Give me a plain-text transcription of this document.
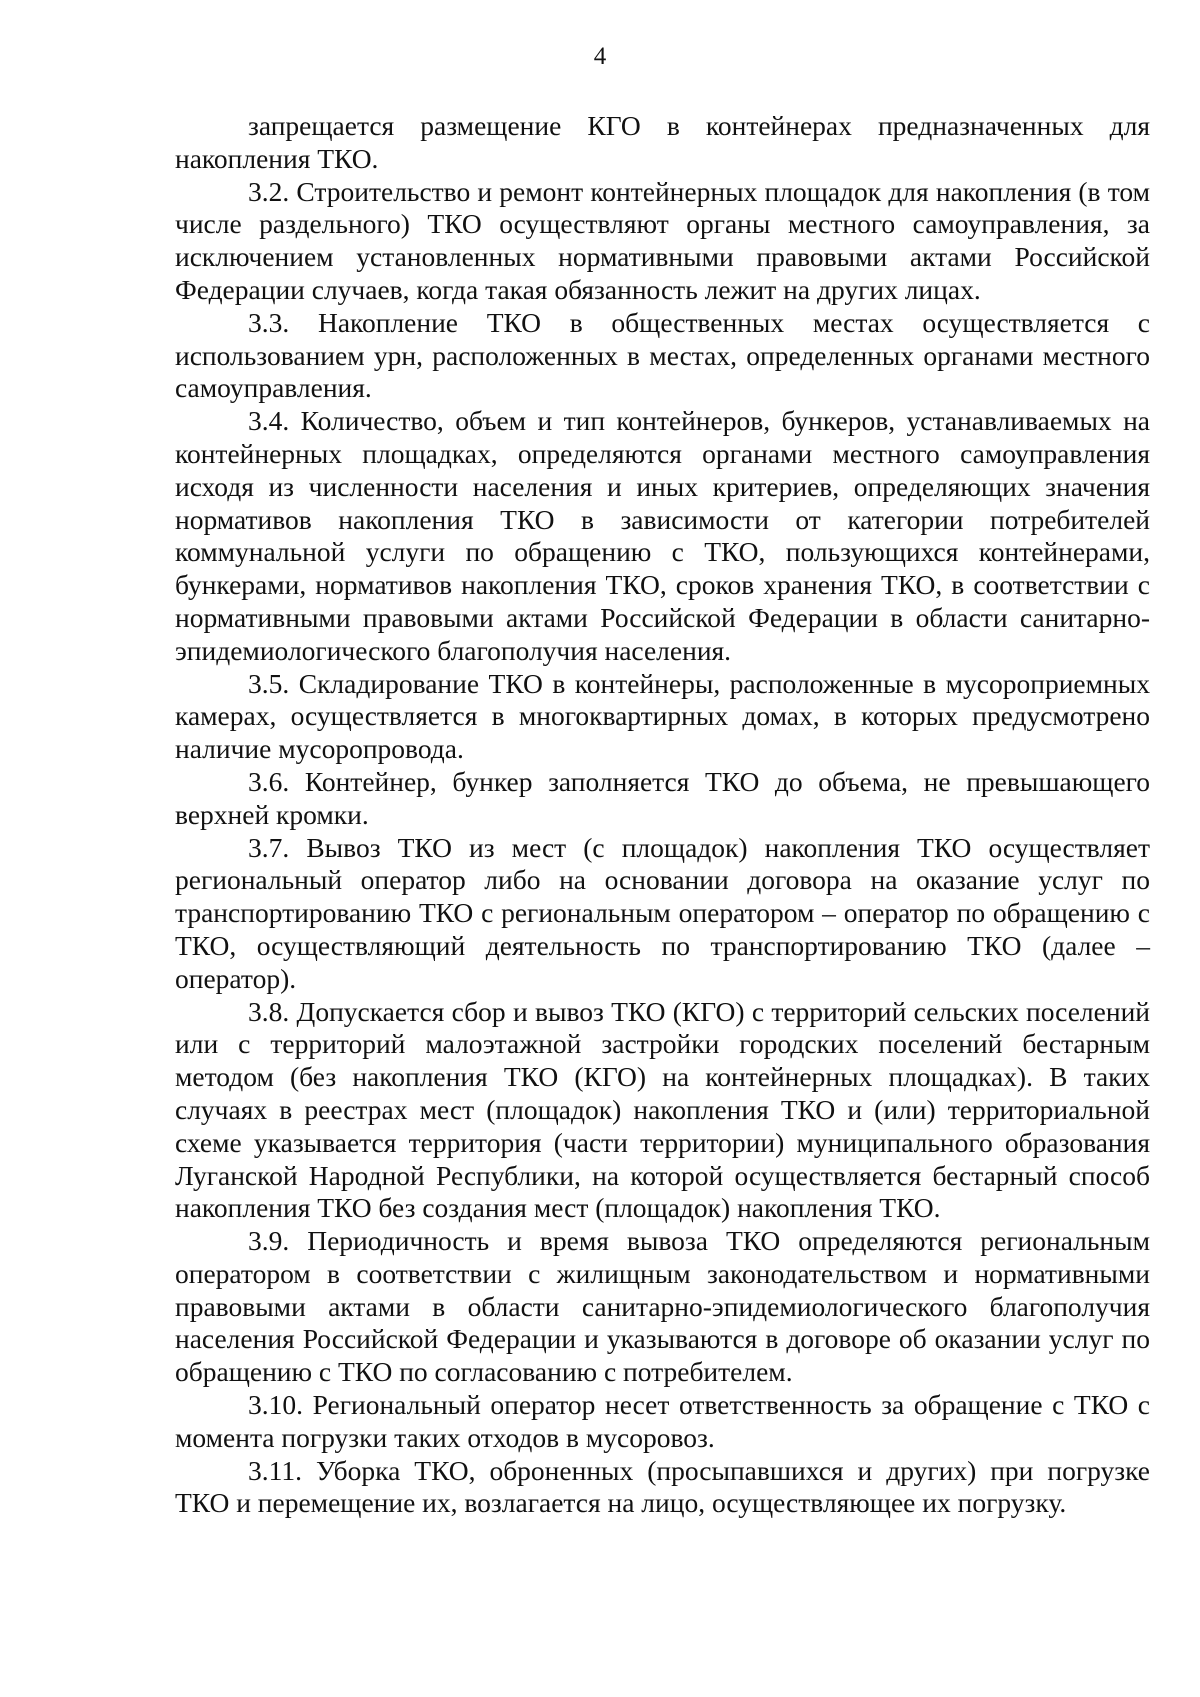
4

запрещается размещение КГО в контейнерах предназначенных для накопления ТКО.

3.2. Строительство и ремонт контейнерных площадок для накопления (в том числе раздельного) ТКО осуществляют органы местного самоуправления, за исключением установленных нормативными правовыми актами Российской Федерации случаев, когда такая обязанность лежит на других лицах.

3.3. Накопление ТКО в общественных местах осуществляется с использованием урн, расположенных в местах, определенных органами местного самоуправления.

3.4. Количество, объем и тип контейнеров, бункеров, устанавливаемых на контейнерных площадках, определяются органами местного самоуправления исходя из численности населения и иных критериев, определяющих значения нормативов накопления ТКО в зависимости от категории потребителей коммунальной услуги по обращению с ТКО, пользующихся контейнерами, бункерами, нормативов накопления ТКО, сроков хранения ТКО, в соответствии с нормативными правовыми актами Российской Федерации в области санитарно-эпидемиологического благополучия населения.

3.5. Складирование ТКО в контейнеры, расположенные в мусороприемных камерах, осуществляется в многоквартирных домах, в которых предусмотрено наличие мусоропровода.

3.6. Контейнер, бункер заполняется ТКО до объема, не превышающего верхней кромки.

3.7. Вывоз ТКО из мест (с площадок) накопления ТКО осуществляет региональный оператор либо на основании договора на оказание услуг по транспортированию ТКО с региональным оператором – оператор по обращению с ТКО, осуществляющий деятельность по транспортированию ТКО (далее – оператор).

3.8. Допускается сбор и вывоз ТКО (КГО) с территорий сельских поселений или с территорий малоэтажной застройки городских поселений бестарным методом (без накопления ТКО (КГО) на контейнерных площадках). В таких случаях в реестрах мест (площадок) накопления ТКО и (или) территориальной схеме указывается территория (части территории) муниципального образования Луганской Народной Республики, на которой осуществляется бестарный способ накопления ТКО без создания мест (площадок) накопления ТКО.

3.9. Периодичность и время вывоза ТКО определяются региональным оператором в соответствии с жилищным законодательством и нормативными правовыми актами в области санитарно-эпидемиологического благополучия населения Российской Федерации и указываются в договоре об оказании услуг по обращению с ТКО по согласованию с потребителем.

3.10. Региональный оператор несет ответственность за обращение с ТКО с момента погрузки таких отходов в мусоровоз.

3.11. Уборка ТКО, оброненных (просыпавшихся и других) при погрузке ТКО и перемещение их, возлагается на лицо, осуществляющее их погрузку.
